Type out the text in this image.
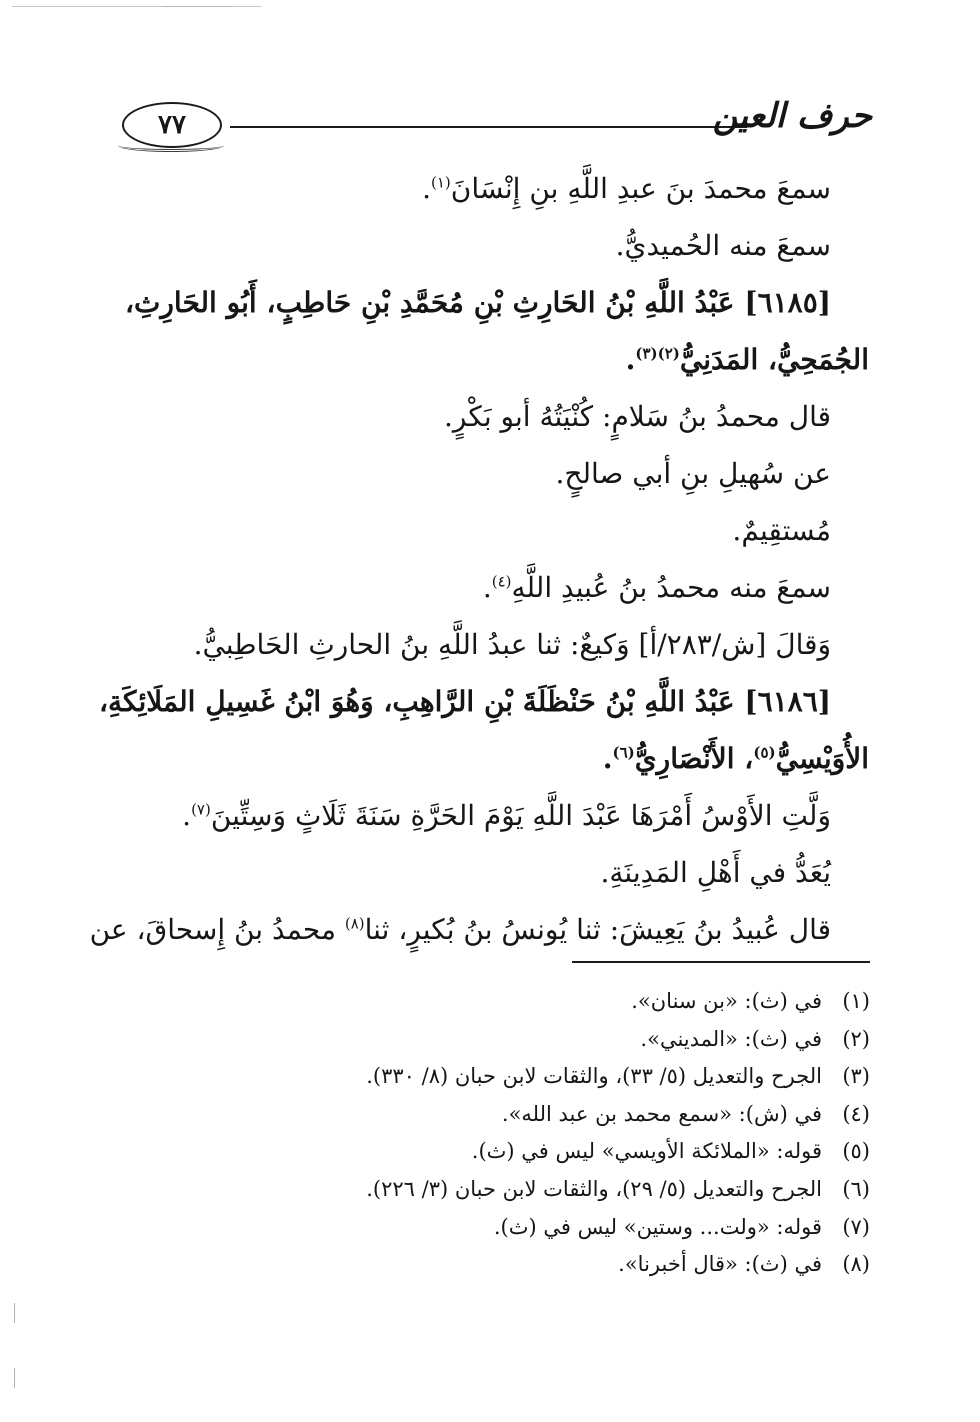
٧٧	حرف العين
سمعَ محمدَ بنَ عبدِ اللَّهِ بنِ إِنْسَانَ$^{(١)}$.
سمعَ منه الحُميديُّ.
[٦١٨٥] عَبْدُ اللَّهِ بْنُ الحَارِثِ بْنِ مُحَمَّدِ بْنِ حَاطِبٍ، أَبُو الحَارِثِ،
الجُمَحِيُّ، المَدَنِيُّ$^{(٢)(٣)}$.
قال محمدُ بنُ سَلامٍ: كُنْيَتُهُ أبو بَكْرٍ.
عن سُهيلِ بنِ أبي صالحٍ.
مُستقِيمٌ.
سمعَ منه محمدُ بنُ عُبيدِ اللَّهِ$^{(٤)}$.
وَقالَ [ش/٢٨٣/أ] وَكيعٌ: ثنا عبدُ اللَّهِ بنُ الحارثِ الحَاطِبيُّ.
[٦١٨٦] عَبْدُ اللَّهِ بْنُ حَنْظَلَةَ بْنِ الرَّاهِبِ، وَهُوَ ابْنُ غَسِيلِ المَلَائِكَةِ،
الأُوَيْسِيُّ$^{(٥)}$، الأَنْصَارِيُّ$^{(٦)}$.
وَلَّتِ الأَوْسُ أَمْرَهَا عَبْدَ اللَّهِ يَوْمَ الحَرَّةِ سَنَةَ ثَلَاثٍ وَسِتِّينَ$^{(٧)}$.
يُعَدُّ في أَهْلِ المَدِينَةِ.
قال عُبيدُ بنُ يَعِيشَ: ثنا يُونسُ بنُ بُكيرٍ، ثنا$^{(٨)}$ محمدُ بنُ إِسحاقَ، عن
(١)في (ث): «بن سنان».
(٢)في (ث): «المديني».
(٣)الجرح والتعديل (٥/ ٣٣)، والثقات لابن حبان (٨/ ٣٣٠).
(٤)في (ش): «سمع محمد بن عبد الله».
(٥)قوله: «الملائكة الأويسي» ليس في (ث).
(٦)الجرح والتعديل (٥/ ٢٩)، والثقات لابن حبان (٣/ ٢٢٦).
(٧)قوله: «ولت... وستين» ليس في (ث).
(٨)في (ث): «قال أخبرنا».
